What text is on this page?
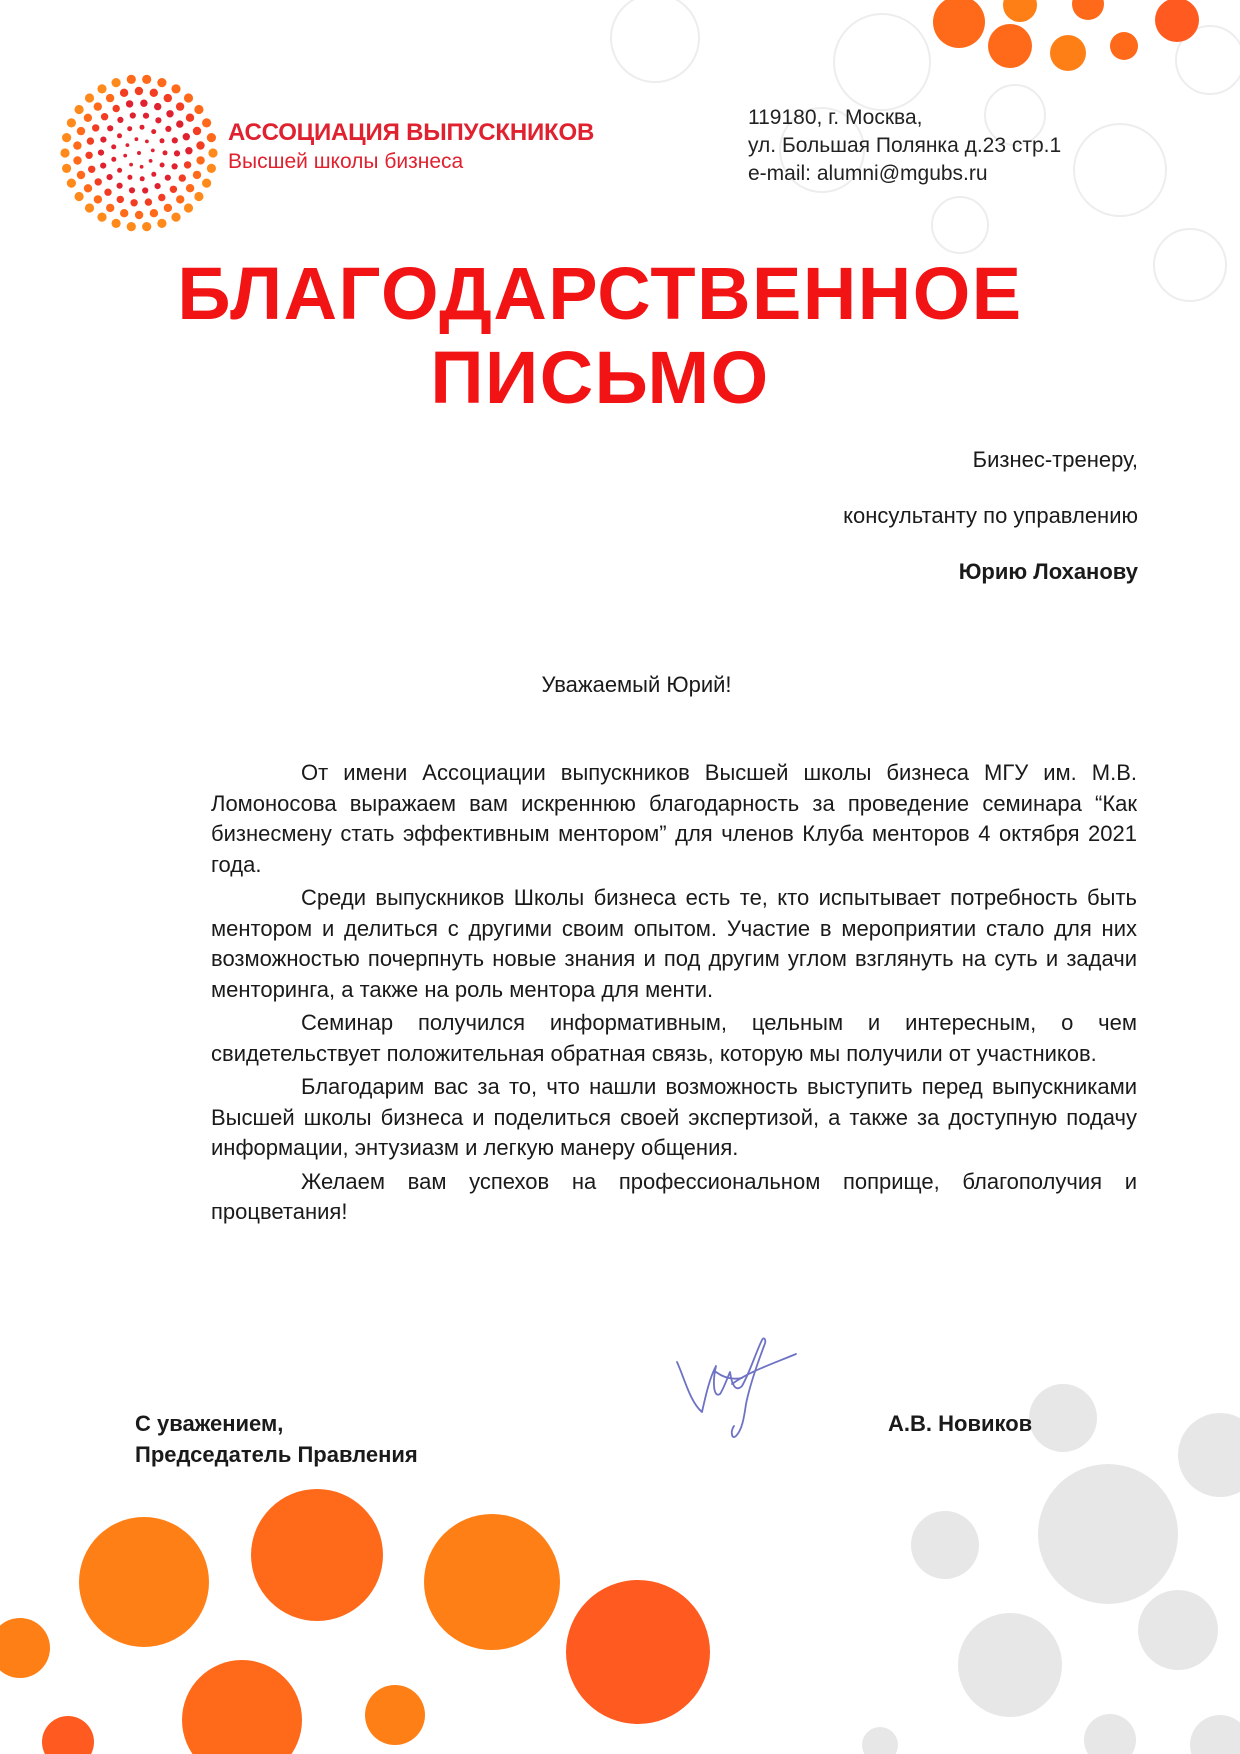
АССОЦИАЦИЯ ВЫПУСКНИКОВ
Высшей школы бизнеса
119180, г. Москва,
ул. Большая Полянка д.23 стр.1
e-mail: alumni@mgubs.ru
БЛАГОДАРСТВЕННОЕ
ПИСЬМО
Бизнес-тренеру,
консультанту по управлению
Юрию Лоханову
Уважаемый Юрий!

От имени Ассоциации выпускников Высшей школы бизнеса МГУ им. М.В. Ломоносова выражаем вам искреннюю благодарность за проведение семинара “Как бизнесмену стать эффективным ментором” для членов Клуба менторов 4 октября 2021 года.

Среди выпускников Школы бизнеса есть те, кто испытывает потребность быть ментором и делиться с другими своим опытом. Участие в мероприятии стало для них возможностью почерпнуть новые знания и под другим углом взглянуть на суть и задачи менторинга, а также на роль ментора для менти.

Семинар получился информативным, цельным и интересным, о чем свидетельствует положительная обратная связь, которую мы получили от участников.

Благодарим вас за то, что нашли возможность выступить перед выпускниками Высшей школы бизнеса и поделиться своей экспертизой, а также за доступную подачу информации, энтузиазм и легкую манеру общения.

Желаем вам успехов на профессиональном поприще, благополучия и процветания!

С уважением,
Председатель Правления
А.В. Новиков
